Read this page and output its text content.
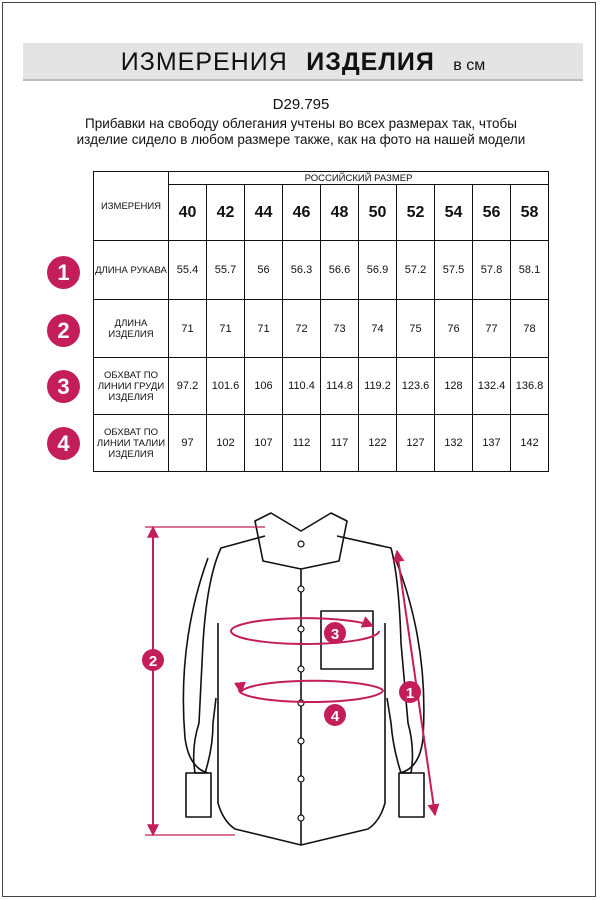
ИЗМЕРЕНИЯ ИЗДЕЛИЯ в см
D29.795
Прибавки на свободу облегания учтены во всех размерах так, чтобы изделие сидело в любом размере также, как на фото на нашей модели
ИЗМЕРЕНИЯ	РОССИЙСКИЙ РАЗМЕР									
	40	42	44	46	48	50	52	54	56	58
ДЛИНА РУКАВА	55.4	55.7	56	56.3	56.6	56.9	57.2	57.5	57.8	58.1
ДЛИНА ИЗДЕЛИЯ	71	71	71	72	73	74	75	76	77	78
ОБХВАТ ПО ЛИНИИ ГРУДИ ИЗДЕЛИЯ	97.2	101.6	106	110.4	114.8	119.2	123.6	128	132.4	136.8
ОБХВАТ ПО ЛИНИИ ТАЛИИ ИЗДЕЛИЯ	97	102	107	112	117	122	127	132	137	142
1
2
3
4
1
2
3
4
